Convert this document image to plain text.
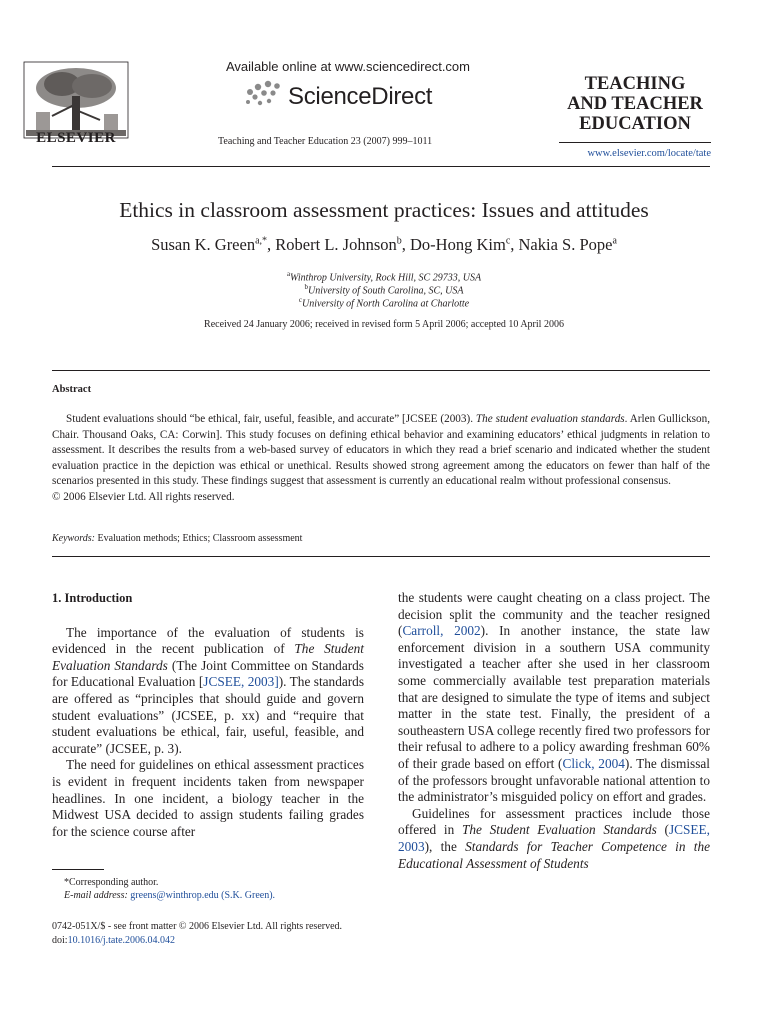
ELSEVIER
Available online at www.sciencedirect.com
ScienceDirect
Teaching and Teacher Education 23 (2007) 999–1011
TEACHING
AND TEACHER
EDUCATION
www.elsevier.com/locate/tate
Ethics in classroom assessment practices: Issues and attitudes
Susan K. Green$^{a,*}$, Robert L. Johnson$^b$, Do-Hong Kim$^c$, Nakia S. Pope$^a$
$^a$Winthrop University, Rock Hill, SC 29733, USA
$^b$University of South Carolina, SC, USA
$^c$University of North Carolina at Charlotte
Received 24 January 2006; received in revised form 5 April 2006; accepted 10 April 2006
Abstract
Student evaluations should “be ethical, fair, useful, feasible, and accurate” [JCSEE (2003). The student evaluation standards. Arlen Gullickson, Chair. Thousand Oaks, CA: Corwin]. This study focuses on defining ethical behavior and examining educators’ ethical judgments in relation to assessment. It describes the results from a web-based survey of educators in which they read a brief scenario and indicated whether the student evaluation practice in the depiction was ethical or unethical. Results showed strong agreement among the educators on fewer than half of the scenarios presented in this study. These findings suggest that assessment is currently an educational realm without professional consensus.
© 2006 Elsevier Ltd. All rights reserved.
Keywords: Evaluation methods; Ethics; Classroom assessment
1. Introduction

The importance of the evaluation of students is evidenced in the recent publication of The Student Evaluation Standards (The Joint Committee on Standards for Educational Evaluation [JCSEE, 2003]). The standards are offered as “principles that should guide and govern student evaluations” (JCSEE, p. xx) and “require that student evaluations be ethical, fair, useful, feasible, and accurate” (JCSEE, p. 3).

The need for guidelines on ethical assessment practices is evident in frequent incidents taken from newspaper headlines. In one incident, a biology teacher in the Midwest USA decided to assign students failing grades for the science course after

the students were caught cheating on a class project. The decision split the community and the teacher resigned (Carroll, 2002). In another instance, the state law enforcement division in a southern USA community investigated a teacher after she used in her classroom some commercially available test preparation materials that are designed to simulate the type of items and subject matter in the state test. Finally, the president of a southeastern USA college recently fired two professors for their refusal to adhere to a policy awarding freshman 60% of their grade based on effort (Click, 2004). The dismissal of the professors brought unfavorable national attention to the administrator’s misguided policy on effort and grades.

Guidelines for assessment practices include those offered in The Student Evaluation Standards (JCSEE, 2003), the Standards for Teacher Competence in the Educational Assessment of Students

*Corresponding author.
E-mail address: greens@winthrop.edu (S.K. Green).
0742-051X/$ - see front matter © 2006 Elsevier Ltd. All rights reserved.
doi:10.1016/j.tate.2006.04.042
